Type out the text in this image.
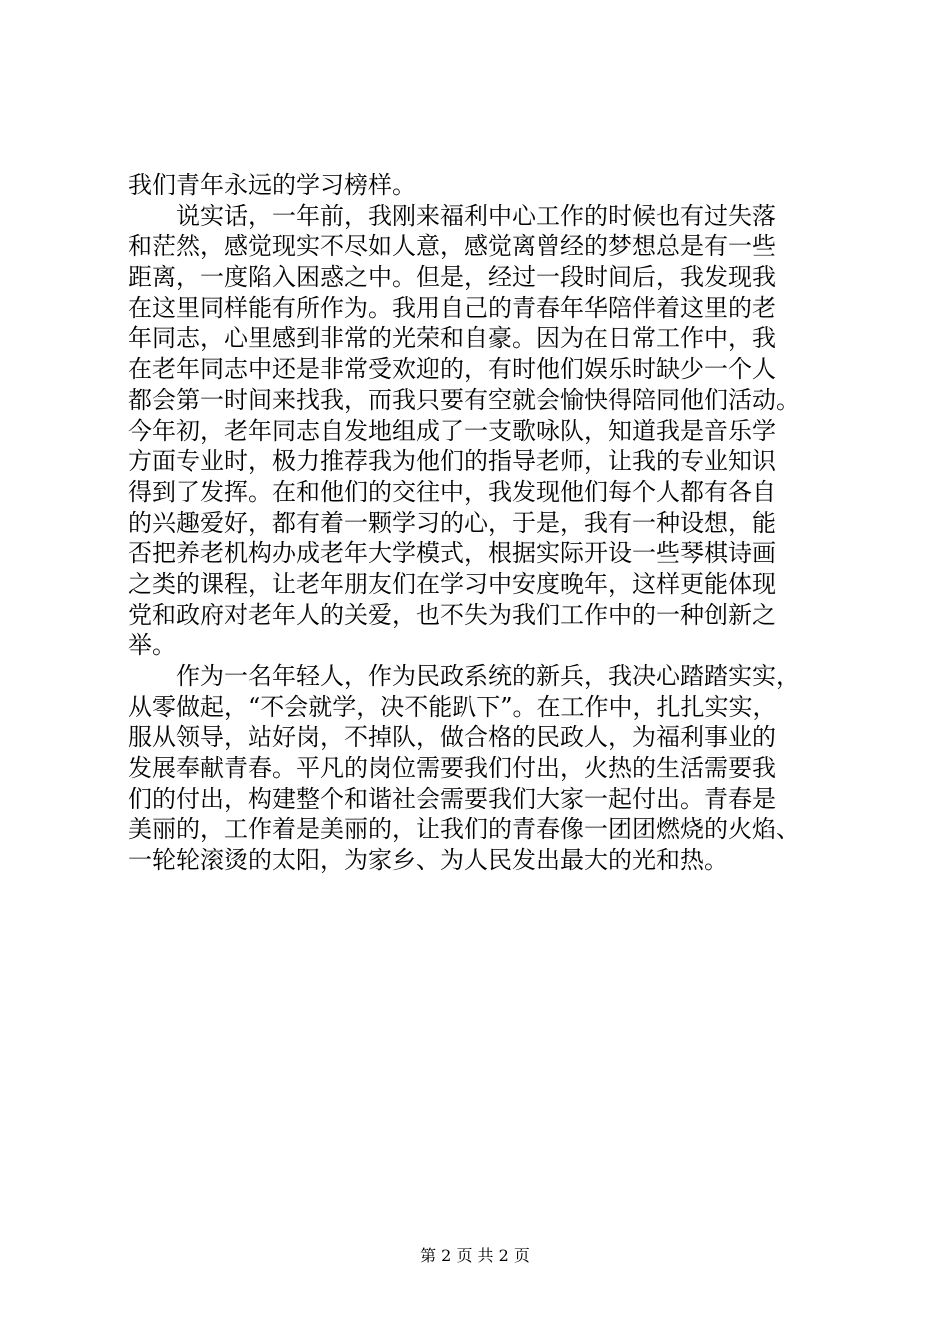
我们青年永远的学习榜样。
　　说实话，一年前，我刚来福利中心工作的时候也有过失落
和茫然，感觉现实不尽如人意，感觉离曾经的梦想总是有一些
距离，一度陷入困惑之中。但是，经过一段时间后，我发现我
在这里同样能有所作为。我用自己的青春年华陪伴着这里的老
年同志，心里感到非常的光荣和自豪。因为在日常工作中，我
在老年同志中还是非常受欢迎的，有时他们娱乐时缺少一个人
都会第一时间来找我，而我只要有空就会愉快得陪同他们活动。
今年初，老年同志自发地组成了一支歌咏队，知道我是音乐学
方面专业时，极力推荐我为他们的指导老师，让我的专业知识
得到了发挥。在和他们的交往中，我发现他们每个人都有各自
的兴趣爱好，都有着一颗学习的心，于是，我有一种设想，能
否把养老机构办成老年大学模式，根据实际开设一些琴棋诗画
之类的课程，让老年朋友们在学习中安度晚年，这样更能体现
党和政府对老年人的关爱，也不失为我们工作中的一种创新之
举。
　　作为一名年轻人，作为民政系统的新兵，我决心踏踏实实，
从零做起，“不会就学，决不能趴下”。在工作中，扎扎实实，
服从领导，站好岗，不掉队，做合格的民政人，为福利事业的
发展奉献青春。平凡的岗位需要我们付出，火热的生活需要我
们的付出，构建整个和谐社会需要我们大家一起付出。青春是
美丽的，工作着是美丽的，让我们的青春像一团团燃烧的火焰、
一轮轮滚烫的太阳，为家乡、为人民发出最大的光和热。
第 2 页 共 2 页
